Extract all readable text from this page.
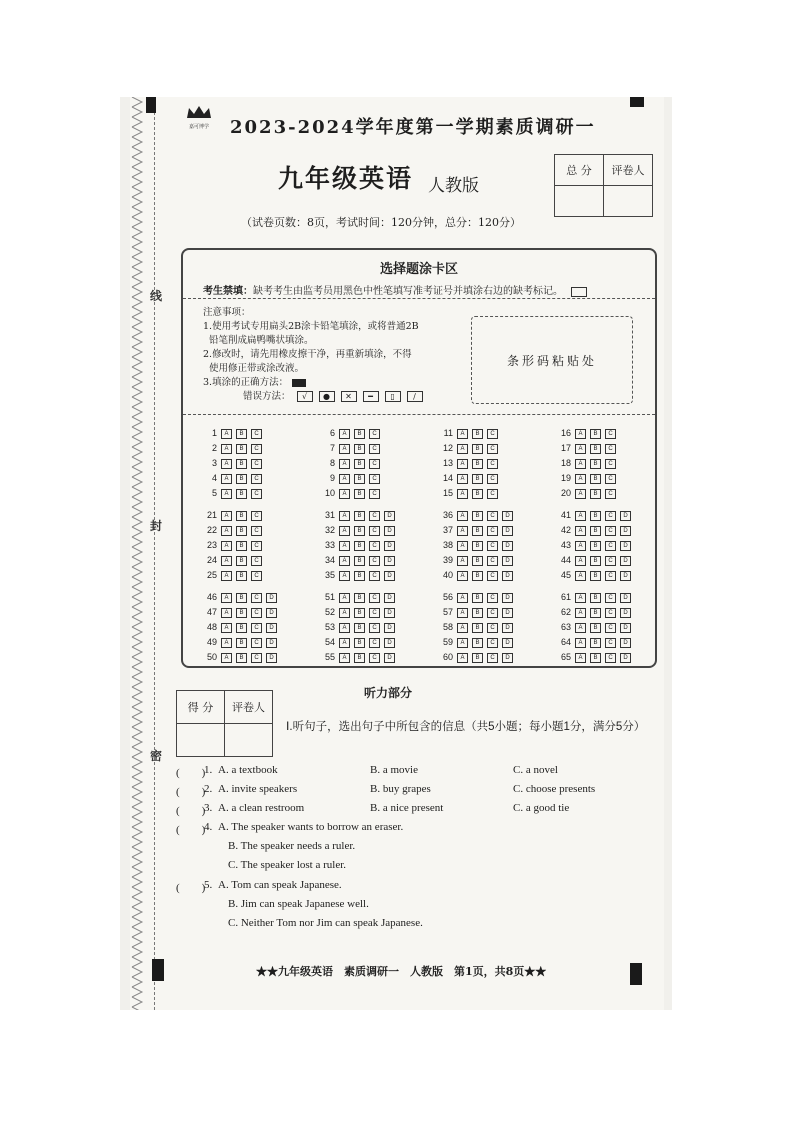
线
封
密
嘉可博学	2023-2024学年度第一学期素质调研一
九年级英语 人教版
（试卷页数：8页，考试时间：120分钟，总分：120分）
总 分	评卷人

选择题涂卡区
考生禁填：缺考考生由监考员用黑色中性笔填写准考证号并填涂右边的缺考标记。
注意事项：
1.使用考试专用扁头2B涂卡铅笔填涂，或将普通2B
铅笔削成扁鸭嘴状填涂。
2.修改时，请先用橡皮擦干净，再重新填涂，不得
使用修正带或涂改液。
3.填涂的正确方法：
错误方法： √ ● ✕ ━ ▯ ∕
条形码粘贴处
1 A B C
2 A B C
3 A B C
4 A B C
5 A B C
6 A B C
7 A B C
8 A B C
9 A B C
10 A B C
11 A B C
12 A B C
13 A B C
14 A B C
15 A B C
16 A B C
17 A B C
18 A B C
19 A B C
20 A B C
21 A B C
22 A B C
23 A B C
24 A B C
25 A B C
31 A B C D
32 A B C D
33 A B C D
34 A B C D
35 A B C D
36 A B C D
37 A B C D
38 A B C D
39 A B C D
40 A B C D
41 A B C D
42 A B C D
43 A B C D
44 A B C D
45 A B C D
46 A B C D
47 A B C D
48 A B C D
49 A B C D
50 A B C D
51 A B C D
52 A B C D
53 A B C D
54 A B C D
55 A B C D
56 A B C D
57 A B C D
58 A B C D
59 A B C D
60 A B C D
61 A B C D
62 A B C D
63 A B C D
64 A B C D
65 A B C D
得 分	评卷人

听力部分
Ⅰ.听句子，选出句子中所包含的信息（共5小题；每小题1分，满分5分）
(　　)
1. A. a textbook	B. a movie	C. a novel
(　　)
2. A. invite speakers	B. buy grapes	C. choose presents
(　　)
3. A. a clean restroom	B. a nice present	C. a good tie
(　　)
4. A. The speaker wants to borrow an eraser.
B. The speaker needs a ruler.
C. The speaker lost a ruler.
(　　)
5. A. Tom can speak Japanese.
B. Jim can speak Japanese well.
C. Neither Tom nor Jim can speak Japanese.
★★九年级英语　素质调研一　人教版　第1页，共8页★★
